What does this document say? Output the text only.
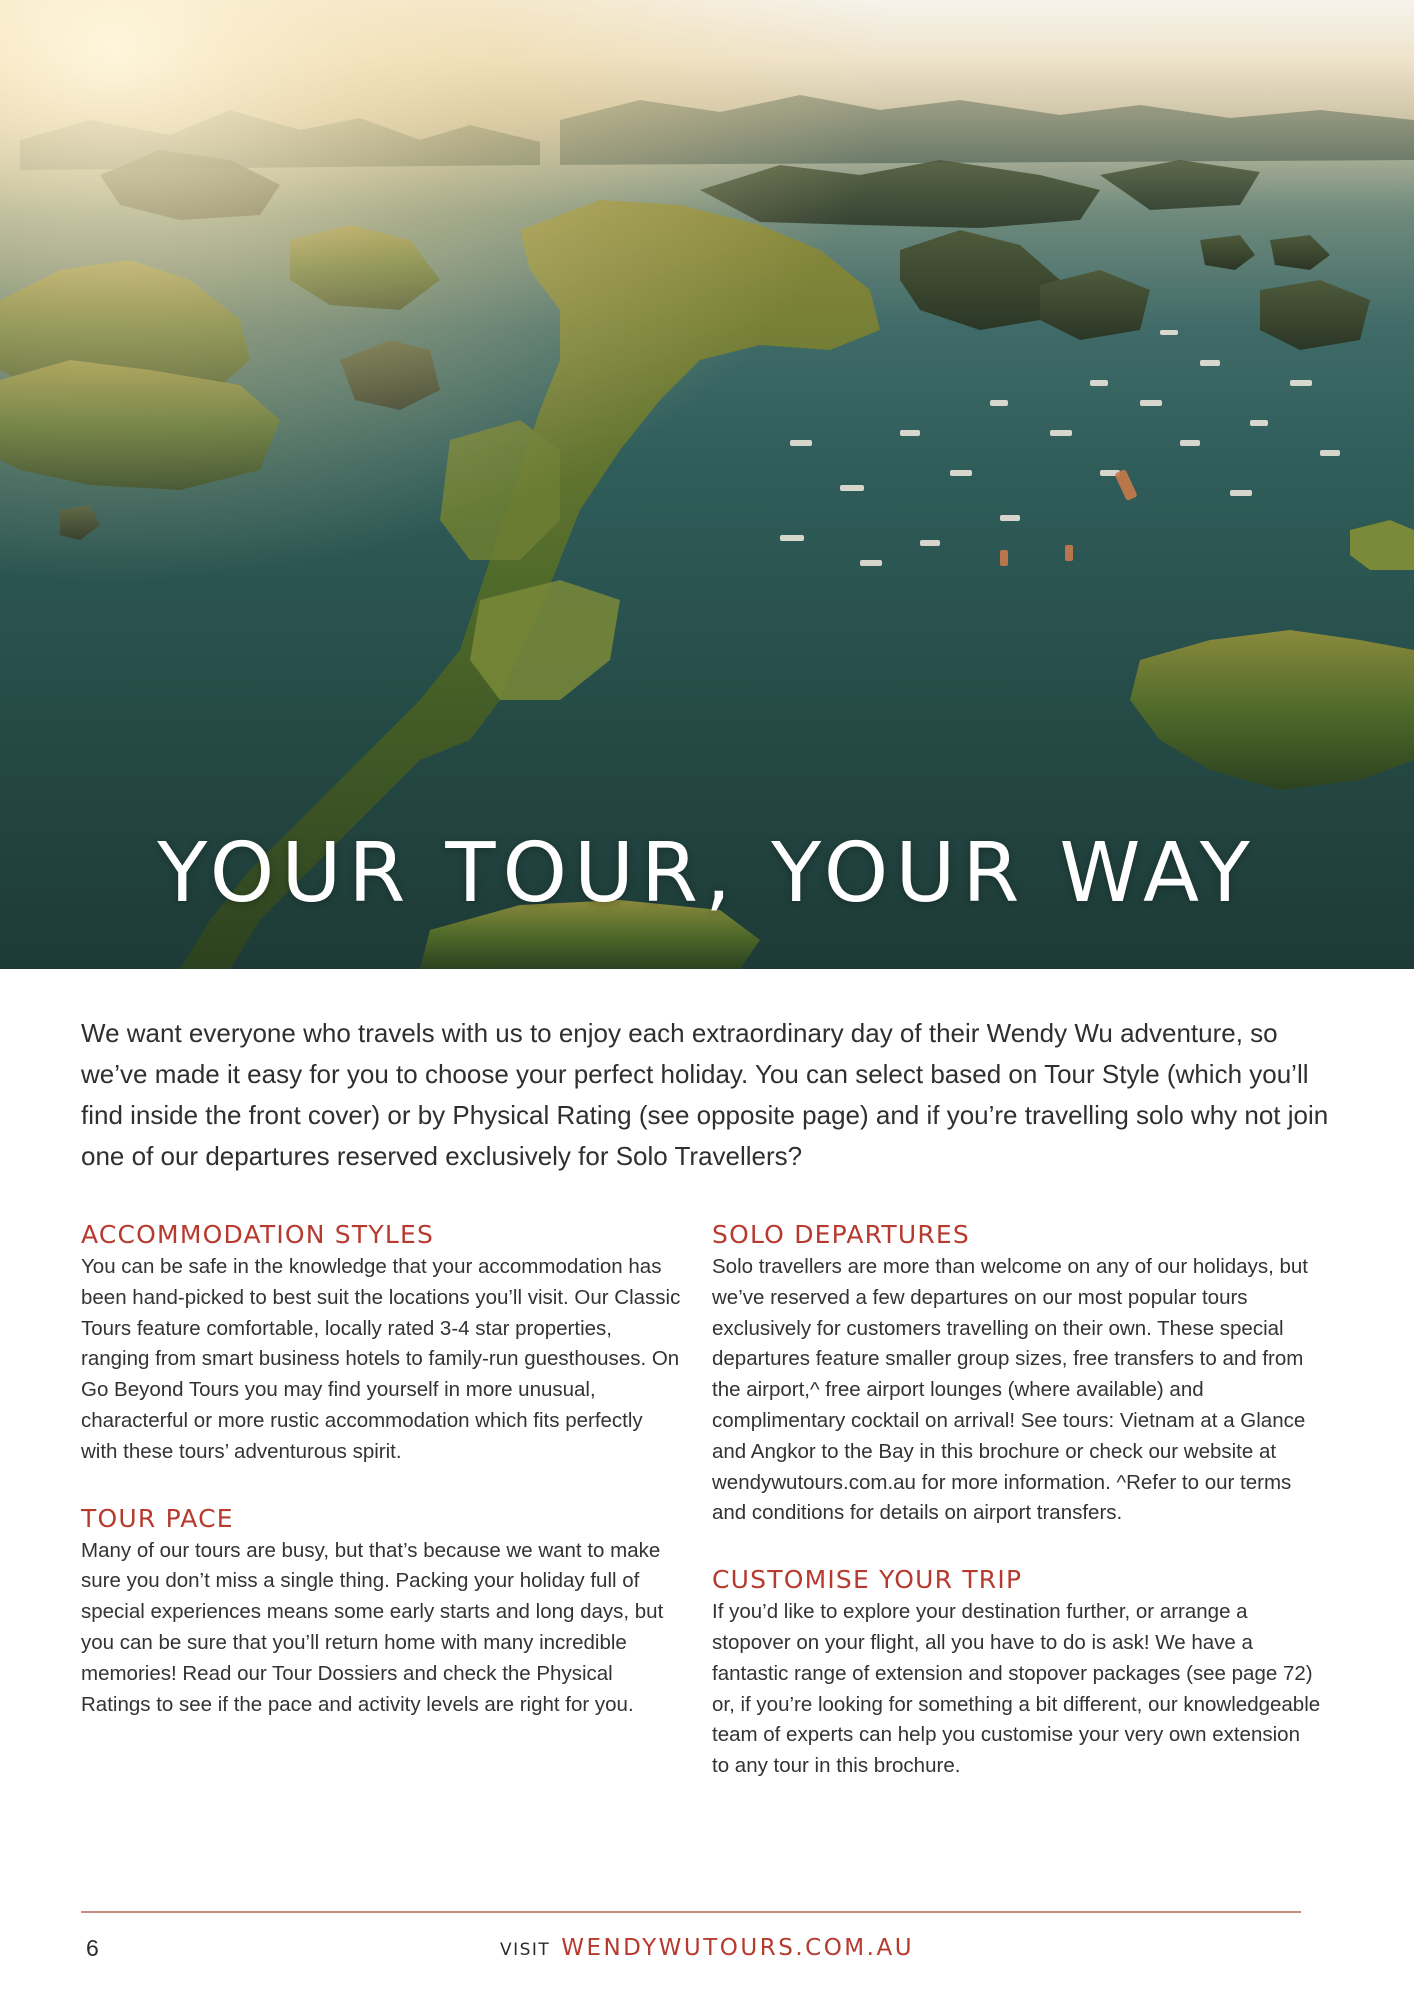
YOUR TOUR, YOUR WAY

We want everyone who travels with us to enjoy each extraordinary day of their Wendy Wu adventure, so we’ve made it easy for you to choose your perfect holiday. You can select based on Tour Style (which you’ll find inside the front cover) or by Physical Rating (see opposite page) and if you’re travelling solo why not join one of our departures reserved exclusively for Solo Travellers?

ACCOMMODATION STYLES

You can be safe in the knowledge that your accommodation has been hand-picked to best suit the locations you’ll visit. Our Classic Tours feature comfortable, locally rated 3-4 star properties, ranging from smart business hotels to family-run guesthouses. On Go Beyond Tours you may find yourself in more unusual, characterful or more rustic accommodation which fits perfectly with these tours’ adventurous spirit.

TOUR PACE

Many of our tours are busy, but that’s because we want to make sure you don’t miss a single thing. Packing your holiday full of special experiences means some early starts and long days, but you can be sure that you’ll return home with many incredible memories! Read our Tour Dossiers and check the Physical Ratings to see if the pace and activity levels are right for you.

SOLO DEPARTURES

Solo travellers are more than welcome on any of our holidays, but we’ve reserved a few departures on our most popular tours exclusively for customers travelling on their own. These special departures feature smaller group sizes, free transfers to and from the airport,^ free airport lounges (where available) and complimentary cocktail on arrival! See tours: Vietnam at a Glance and Angkor to the Bay in this brochure or check our website at wendywutours.com.au for more information. ^Refer to our terms and conditions for details on airport transfers.

CUSTOMISE YOUR TRIP

If you’d like to explore your destination further, or arrange a stopover on your flight, all you have to do is ask! We have a fantastic range of extension and stopover packages (see page 72) or, if you’re looking for something a bit different, our knowledgeable team of experts can help you customise your very own extension to any tour in this brochure.

6	VISIT WENDYWUTOURS.COM.AU
